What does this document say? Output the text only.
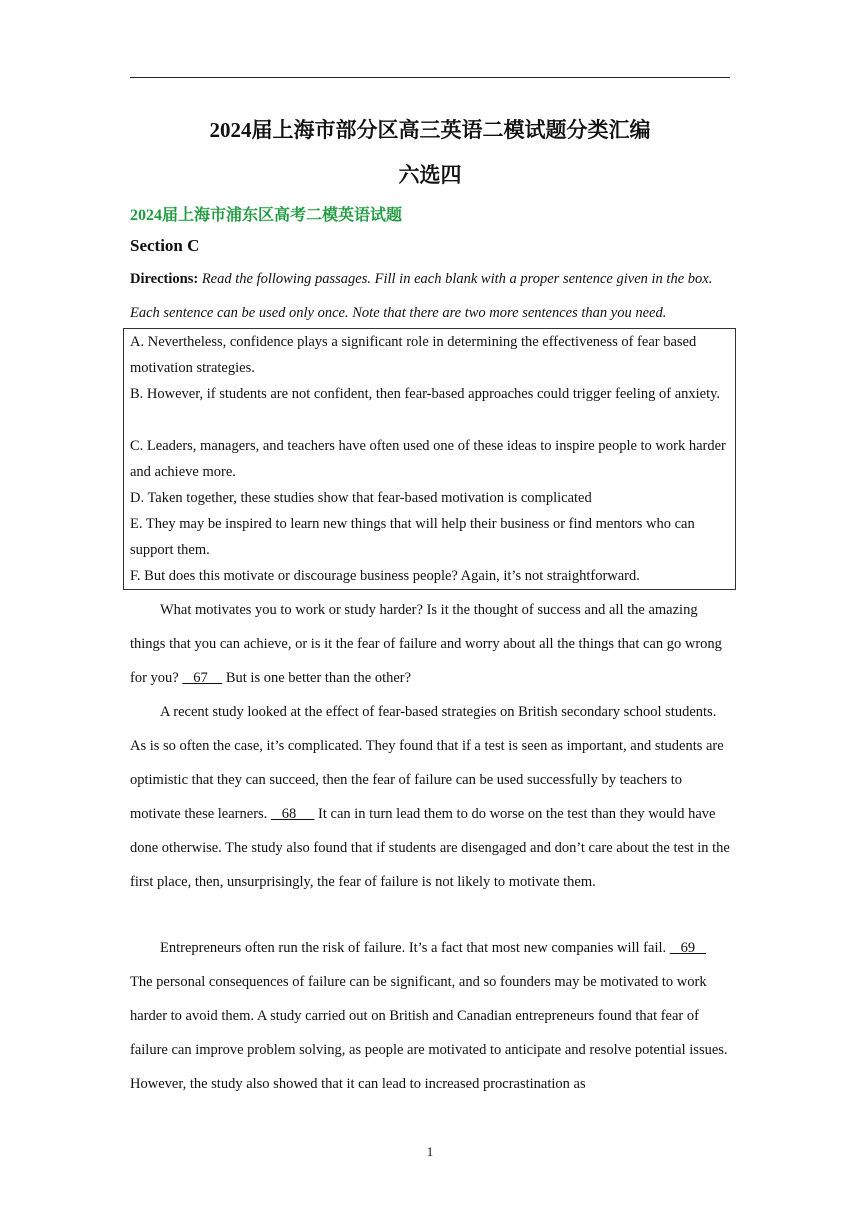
2024届上海市部分区高三英语二模试题分类汇编
六选四
2024届上海市浦东区高考二模英语试题
Section C
Directions: Read the following passages. Fill in each blank with a proper sentence given in the box. Each sentence can be used only once. Note that there are two more sentences than you need.

A. Nevertheless, confidence plays a significant role in determining the effectiveness of fear based motivation strategies.

B. However, if students are not confident, then fear-based approaches could trigger feeling of anxiety.

C. Leaders, managers, and teachers have often used one of these ideas to inspire people to work harder and achieve more.

D. Taken together, these studies show that fear-based motivation is complicated

E. They may be inspired to learn new things that will help their business or find mentors who can support them.

F. But does this motivate or discourage business people? Again, it’s not straightforward.

What motivates you to work or study harder? Is it the thought of success and all the amazing things that you can achieve, or is it the fear of failure and worry about all the things that can go wrong for you?    67     But is one better than the other?

A recent study looked at the effect of fear-based strategies on British secondary school students. As is so often the case, it’s complicated. They found that if a test is seen as important, and students are optimistic that they can succeed, then the fear of failure can be used successfully by teachers to motivate these learners.    68      It can in turn lead them to do worse on the test than they would have done otherwise. The study also found that if students are disengaged and don’t care about the test in the first place, then, unsurprisingly, the fear of failure is not likely to motivate them.

Entrepreneurs often run the risk of failure. It’s a fact that most new companies will fail.    69    The personal consequences of failure can be significant, and so founders may be motivated to work harder to avoid them. A study carried out on British and Canadian entrepreneurs found that fear of failure can improve problem solving, as people are motivated to anticipate and resolve potential issues. However, the study also showed that it can lead to increased procrastination as

1
